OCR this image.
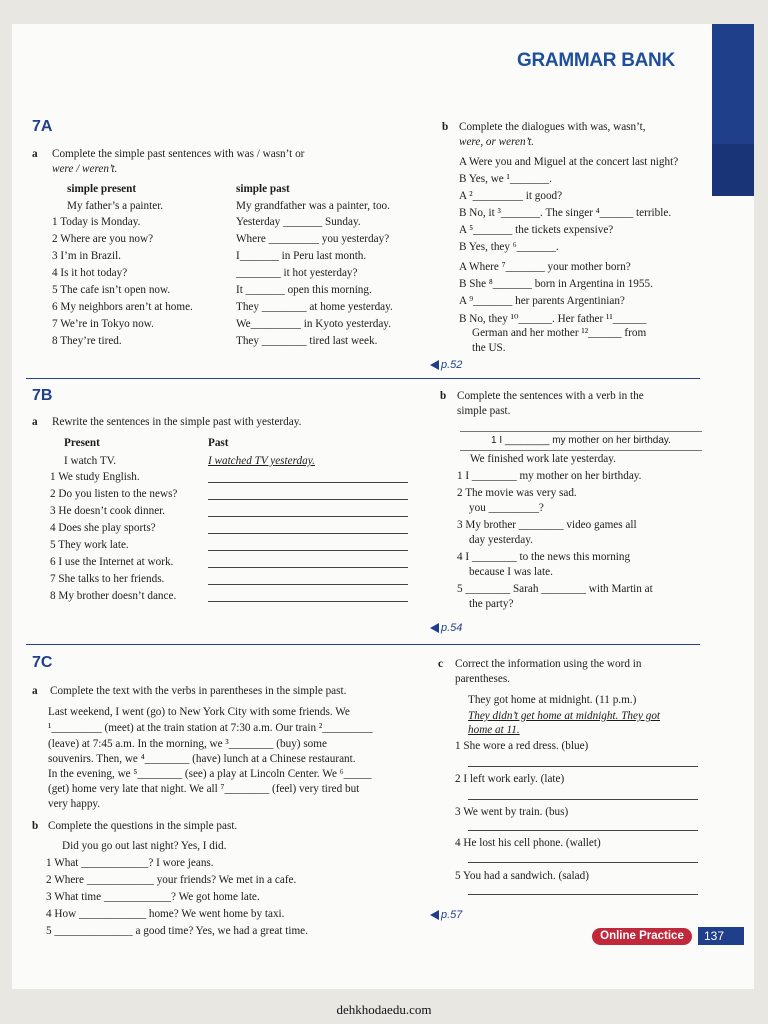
GRAMMAR BANK
7A
7B
7C
1 I ________ my mother on her birthday.
p.52
p.54
p.57
Online Practice	137
a Complete the simple past sentences with was / wasn’t or
were / weren’t.
simple present	simple past
My father’s a painter.	My grandfather was a painter, too.
1 Today is Monday.	Yesterday _______ Sunday.
2 Where are you now?	Where _________ you yesterday?
3 I’m in Brazil.	I_______ in Peru last month.
4 Is it hot today?	________ it hot yesterday?
5 The cafe isn’t open now.	It _______ open this morning.
6 My neighbors aren’t at home.	They ________ at home yesterday.
7 We’re in Tokyo now.	We_________ in Kyoto yesterday.
8 They’re tired.	They ________ tired last week.
b Complete the dialogues with was, wasn’t,
were, or weren’t.
A Were you and Miguel at the concert last night?
B Yes, we ¹_______.
A ²_________ it good?
B No, it ³_______. The singer ⁴______ terrible.
A ⁵_______ the tickets expensive?
B Yes, they ⁶_______.
A Where ⁷_______ your mother born?
B She ⁸_______ born in Argentina in 1955.
A ⁹_______ her parents Argentinian?
B No, they ¹⁰______. Her father ¹¹______
German and her mother ¹²______ from
the US.
a Rewrite the sentences in the simple past with yesterday.
Present	Past
I watch TV.	I watched TV yesterday.
1 We study English.
2 Do you listen to the news?
3 He doesn’t cook dinner.
4 Does she play sports?
5 They work late.
6 I use the Internet at work.
7 She talks to her friends.
8 My brother doesn’t dance.
b Complete the sentences with a verb in the
simple past.
We finished work late yesterday.
1 I ________ my mother on her birthday.
2 The movie was very sad.
you _________?
3 My brother ________ video games all
day yesterday.
4 I ________ to the news this morning
because I was late.
5 ________ Sarah ________ with Martin at
the party?
a Complete the text with the verbs in parentheses in the simple past.
Last weekend, I went (go) to New York City with some friends. We
¹_________ (meet) at the train station at 7:30 a.m. Our train ²_________
(leave) at 7:45 a.m. In the morning, we ³________ (buy) some
souvenirs. Then, we ⁴________ (have) lunch at a Chinese restaurant.
In the evening, we ⁵________ (see) a play at Lincoln Center. We ⁶_____
(get) home very late that night. We all ⁷________ (feel) very tired but
very happy.
b Complete the questions in the simple past.
Did you go out last night? Yes, I did.
1 What ____________? I wore jeans.
2 Where ____________ your friends? We met in a cafe.
3 What time ____________? We got home late.
4 How ____________ home? We went home by taxi.
5 ______________ a good time? Yes, we had a great time.
c Correct the information using the word in
parentheses.
They got home at midnight. (11 p.m.)
They didn’t get home at midnight. They got
home at 11.
1 She wore a red dress. (blue)
2 I left work early. (late)
3 We went by train. (bus)
4 He lost his cell phone. (wallet)
5 You had a sandwich. (salad)
dehkhodaedu.com
